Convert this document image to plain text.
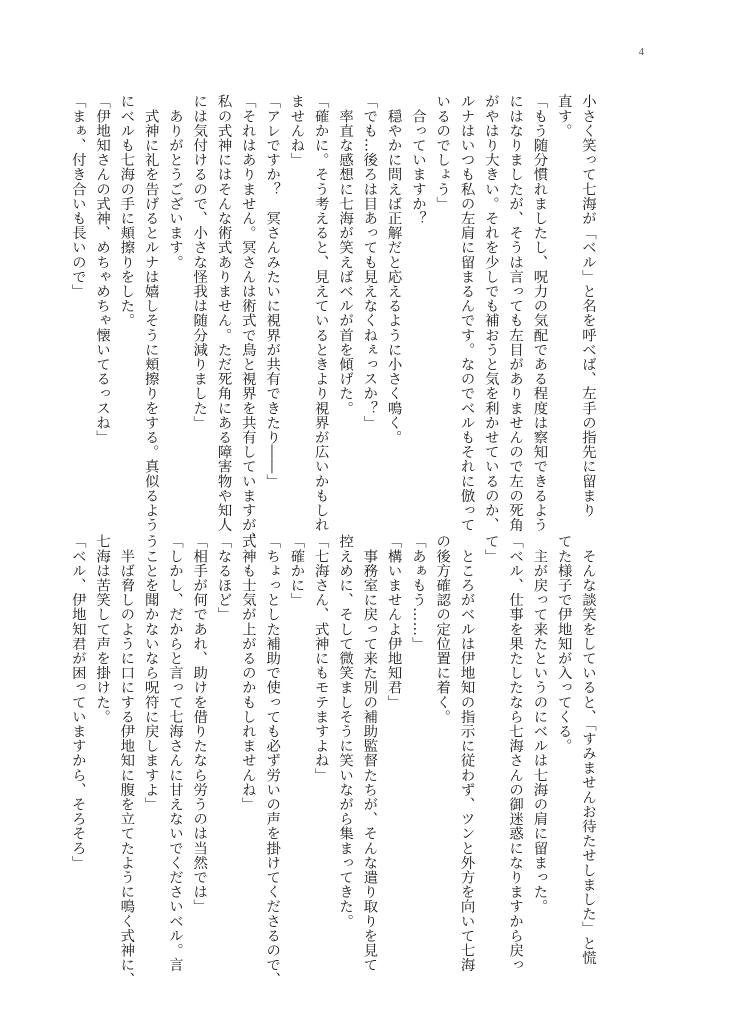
4
小さく笑って七海が「ベル」と名を呼べば、左手の指先に留まり
直す。
「もう随分慣れましたし、呪力の気配である程度は察知できるよう
にはなりましたが、そうは言っても左目がありませんので左の死角
がやはり大きい。それを少しでも補おうと気を利かせているのか、
ルナはいつも私の左肩に留まるんです。なのでベルもそれに倣って
いるのでしょう」
　合っていますか？
　穏やかに問えば正解だと応えるように小さく鳴く。
「でも…後ろは目あっても見えなくねぇっスか？」
　率直な感想に七海が笑えばベルが首を傾げた。
「確かに。そう考えると、見えているときより視界が広いかもしれ
ませんね」
「アレですか？　冥さんみたいに視界が共有できたり――」
「それはありません。冥さんは術式で鳥と視界を共有していますが、
私の式神にはそんな術式ありません。ただ死角にある障害物や知人
には気付けるので、小さな怪我は随分減りました」
　ありがとうございます。
　式神に礼を告げるとルナは嬉しそうに頬擦りをする。真似るよう
にベルも七海の手に頬擦りをした。
「伊地知さんの式神、めちゃめちゃ懐いてるっスね」
「まぁ、付き合いも長いので」
　そんな談笑をしていると、「すみませんお待たせしました」と慌
てた様子で伊地知が入ってくる。
　主が戻って来たというのにベルは七海の肩に留まった。
「ベル、仕事を果たしたなら七海さんの御迷惑になりますから戻っ
て」
　ところがベルは伊地知の指示に従わず、ツンと外方を向いて七海
の後方確認の定位置に着く。
「あぁもう……」
「構いませんよ伊地知君」
　事務室に戻って来た別の補助監督たちが、そんな遣り取りを見て
控えめに、そして微笑ましそうに笑いながら集まってきた。
「七海さん、式神にもモテますよね」
「確かに」
「ちょっとした補助で使っても必ず労いの声を掛けてくださるので、
式神も士気が上がるのかもしれませんね」
「なるほど」
「相手が何であれ、助けを借りたなら労うのは当然では」
「しかし、だからと言って七海さんに甘えないでくださいベル。言
うことを聞かないなら呪符に戻しますよ」
　半ば脅しのように口にする伊地知に腹を立てたように鳴く式神に、
七海は苦笑して声を掛けた。
「ベル、伊地知君が困っていますから、そろそろ」
